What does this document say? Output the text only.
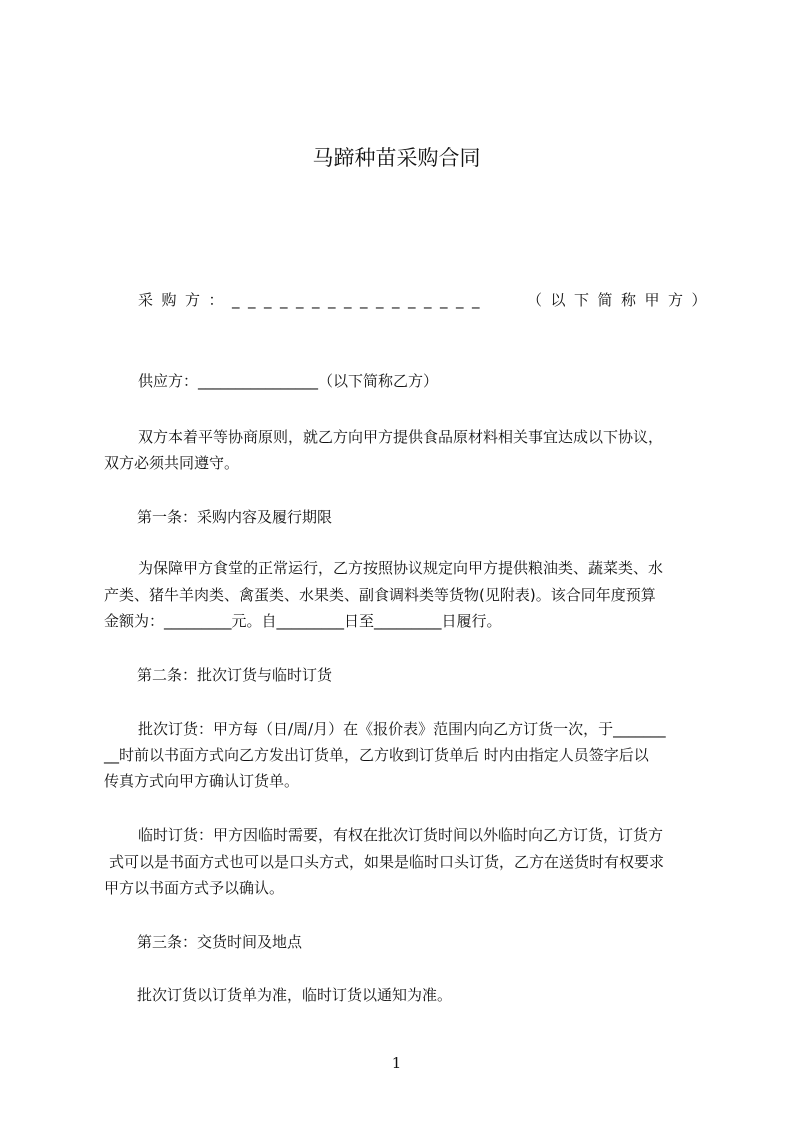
马蹄种苗采购合同
采购方：________________	（以下简称甲方）
供应方：________________（以下简称乙方）
双方本着平等协商原则，就乙方向甲方提供食品原材料相关事宜达成以下协议，
双方必须共同遵守。
第一条：采购内容及履行期限
为保障甲方食堂的正常运行，乙方按照协议规定向甲方提供粮油类、蔬菜类、水
产类、猪牛羊肉类、禽蛋类、水果类、副食调料类等货物(见附表)。该合同年度预算
金额为：_________元。自_________日至_________日履行。
第二条：批次订货与临时订货
批次订货：甲方每（日/周/月）在《报价表》范围内向乙方订货一次，于_______
__时前以书面方式向乙方发出订货单，乙方收到订货单后 时内由指定人员签字后以
传真方式向甲方确认订货单。
临时订货：甲方因临时需要，有权在批次订货时间以外临时向乙方订货，订货方
式可以是书面方式也可以是口头方式，如果是临时口头订货，乙方在送货时有权要求
甲方以书面方式予以确认。
第三条：交货时间及地点
批次订货以订货单为准，临时订货以通知为准。
1
